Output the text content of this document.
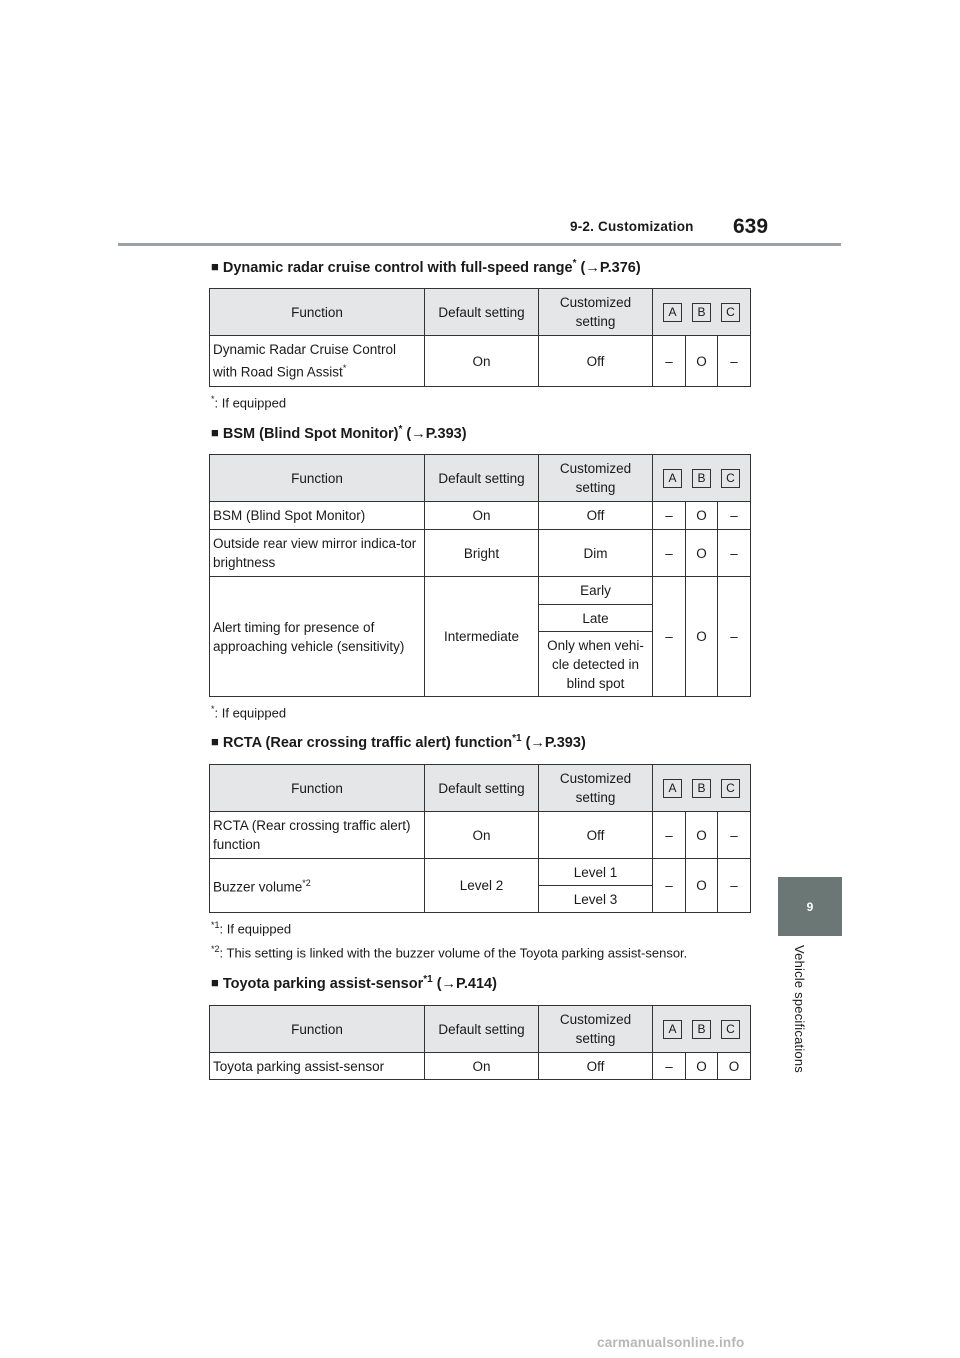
9-2. Customization 639
9
Vehicle specifications
■ Dynamic radar cruise control with full-speed range* (→P.376)
Function	Default setting	Customized setting	A B C		

Dynamic Radar Cruise Control with Road Sign Assist*	On	Off	–	O	–
*: If equipped
■ BSM (Blind Spot Monitor)* (→P.393)
Function	Default setting	Customized setting	A B C		

BSM (Blind Spot Monitor)	On	Off	–	O	–
Outside rear view mirror indica-tor brightness	Bright	Dim	–	O	–
Alert timing for presence of approaching vehicle (sensitivity)	Intermediate	Early	–	O	–
		Late			
		Only when vehi-cle detected in blind spot			
*: If equipped
■ RCTA (Rear crossing traffic alert) function$^{*1}$ (→P.393)
Function	Default setting	Customized setting	A B C		

RCTA (Rear crossing traffic alert) function	On	Off	–	O	–
Buzzer volume$^{*2}$	Level 2	Level 1	–	O	–
		Level 3			
$^{*1}$: If equipped
$^{*2}$: This setting is linked with the buzzer volume of the Toyota parking assist-sensor.
■ Toyota parking assist-sensor$^{*1}$ (→P.414)
Function	Default setting	Customized setting	A B C		

Toyota parking assist-sensor	On	Off	–	O	O
carmanualsonline.info
